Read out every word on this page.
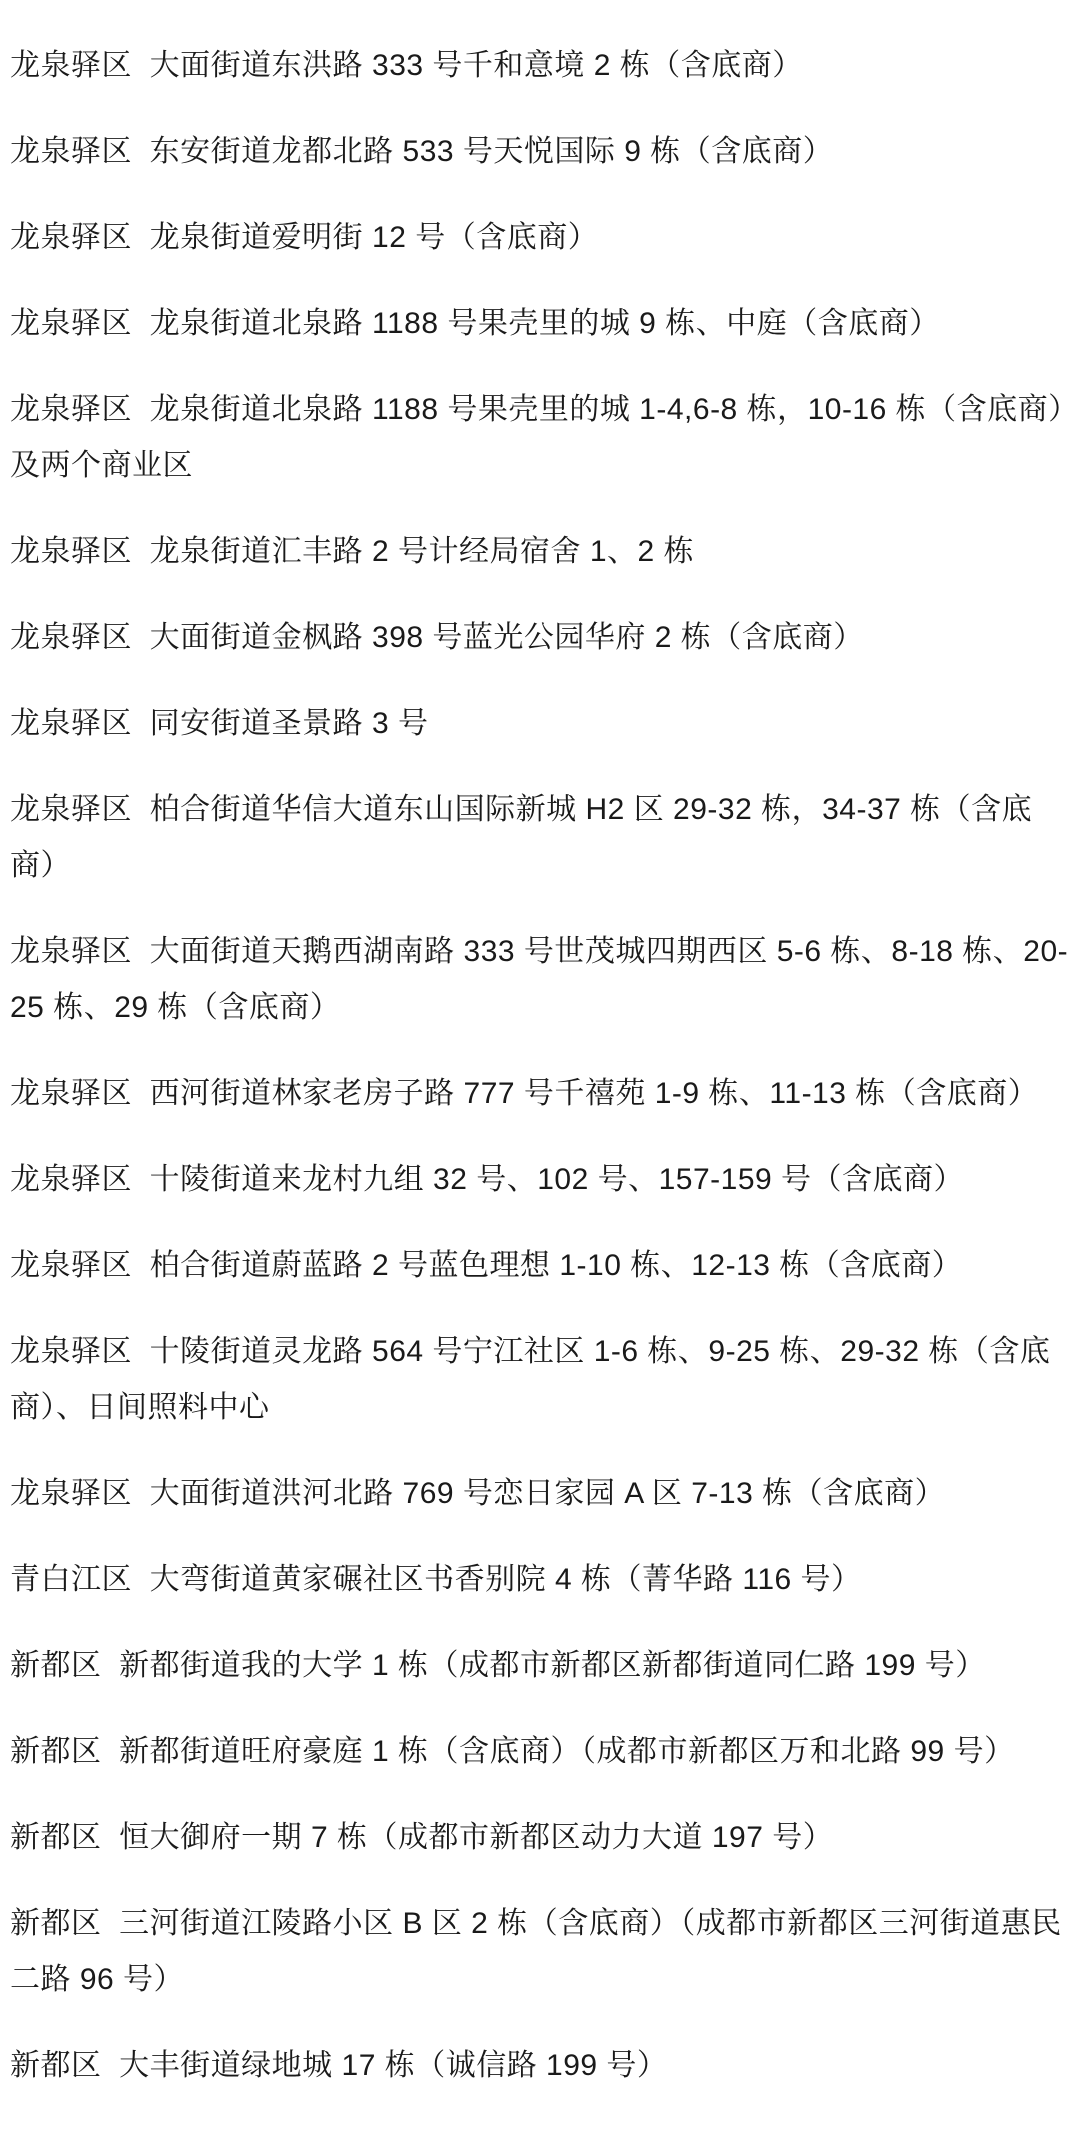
龙泉驿区  大面街道东洪路 333 号千和意境 2 栋（含底商）

龙泉驿区  东安街道龙都北路 533 号天悦国际 9 栋（含底商）

龙泉驿区  龙泉街道爱明街 12 号（含底商）

龙泉驿区  龙泉街道北泉路 1188 号果壳里的城 9 栋、中庭（含底商）

龙泉驿区  龙泉街道北泉路 1188 号果壳里的城 1-4,6-8 栋，10-16 栋（含底商）及两个商业区

龙泉驿区  龙泉街道汇丰路 2 号计经局宿舍 1、2 栋

龙泉驿区  大面街道金枫路 398 号蓝光公园华府 2 栋（含底商）

龙泉驿区  同安街道圣景路 3 号

龙泉驿区  柏合街道华信大道东山国际新城 H2 区 29-32 栋，34-37 栋（含底商）

龙泉驿区  大面街道天鹅西湖南路 333 号世茂城四期西区 5-6 栋、8-18 栋、20-25 栋、29 栋（含底商）

龙泉驿区  西河街道林家老房子路 777 号千禧苑 1-9 栋、11-13 栋（含底商）

龙泉驿区  十陵街道来龙村九组 32 号、102 号、157-159 号（含底商）

龙泉驿区  柏合街道蔚蓝路 2 号蓝色理想 1-10 栋、12-13 栋（含底商）

龙泉驿区  十陵街道灵龙路 564 号宁江社区 1-6 栋、9-25 栋、29-32 栋（含底商）、日间照料中心

龙泉驿区  大面街道洪河北路 769 号恋日家园 A 区 7-13 栋（含底商）

青白江区  大弯街道黄家碾社区书香别院 4 栋（菁华路 116 号）

新都区  新都街道我的大学 1 栋（成都市新都区新都街道同仁路 199 号）

新都区  新都街道旺府豪庭 1 栋（含底商）（成都市新都区万和北路 99 号）

新都区  恒大御府一期 7 栋（成都市新都区动力大道 197 号）

新都区  三河街道江陵路小区 B 区 2 栋（含底商）（成都市新都区三河街道惠民二路 96 号）

新都区  大丰街道绿地城 17 栋（诚信路 199 号）
